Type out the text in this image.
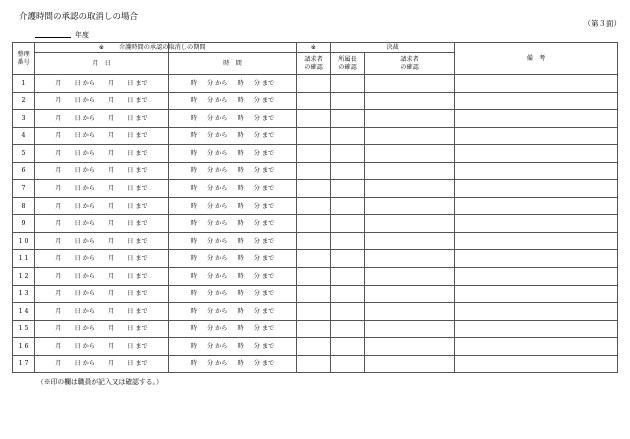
介護時間の承認の取消しの場合
（第３面）
年度
整理
番号	※	介護時間の承認の取消しの期間	※	決裁		備　考
	月　日	時　間	請求者
の確認	所属長
の確認	請求者
の確認	
1	月 日 から 月 日 まで	時 分 から 時 分 まで				
2	月 日 から 月 日 まで	時 分 から 時 分 まで				
3	月 日 から 月 日 まで	時 分 から 時 分 まで				
4	月 日 から 月 日 まで	時 分 から 時 分 まで				
5	月 日 から 月 日 まで	時 分 から 時 分 まで				
6	月 日 から 月 日 まで	時 分 から 時 分 まで				
7	月 日 から 月 日 まで	時 分 から 時 分 まで				
8	月 日 から 月 日 まで	時 分 から 時 分 まで				
9	月 日 から 月 日 まで	時 分 から 時 分 まで				
1 0	月 日 から 月 日 まで	時 分 から 時 分 まで				
1 1	月 日 から 月 日 まで	時 分 から 時 分 まで				
1 2	月 日 から 月 日 まで	時 分 から 時 分 まで				
1 3	月 日 から 月 日 まで	時 分 から 時 分 まで				
1 4	月 日 から 月 日 まで	時 分 から 時 分 まで				
1 5	月 日 から 月 日 まで	時 分 から 時 分 まで				
1 6	月 日 から 月 日 まで	時 分 から 時 分 まで				
1 7	月 日 から 月 日 まで	時 分 から 時 分 まで				
（※印の欄は職員が記入又は確認する。）
